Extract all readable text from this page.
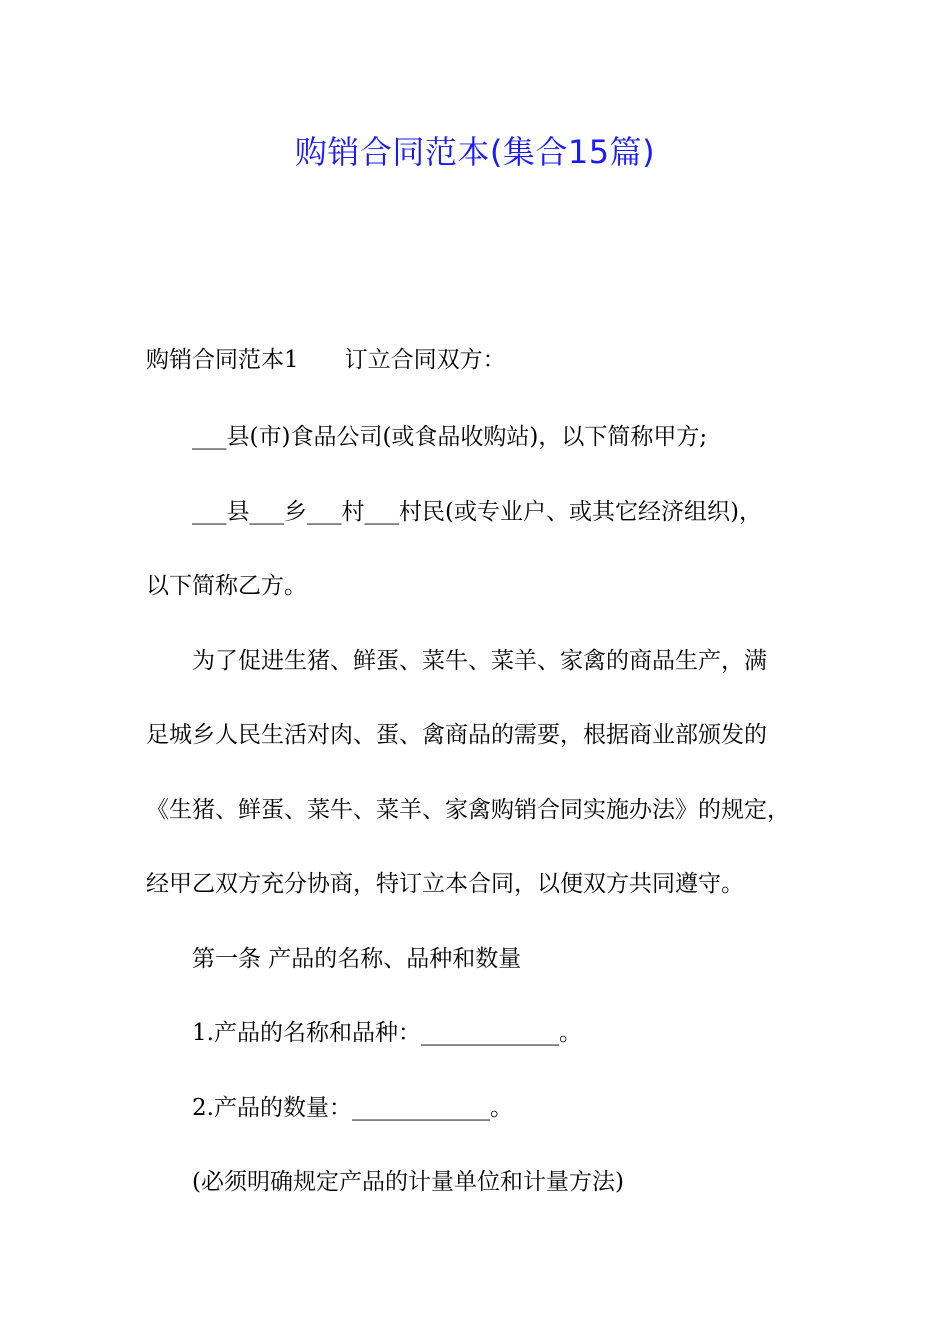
购销合同范本(集合15篇)
购销合同范本1 订立合同双方：
___县(市)食品公司(或食品收购站)，以下简称甲方;
___县___乡___村___村民(或专业户、或其它经济组织)，
以下简称乙方。
为了促进生猪、鲜蛋、菜牛、菜羊、家禽的商品生产，满
足城乡人民生活对肉、蛋、禽商品的需要，根据商业部颁发的
《生猪、鲜蛋、菜牛、菜羊、家禽购销合同实施办法》的规定，
经甲乙双方充分协商，特订立本合同，以便双方共同遵守。
第一条 产品的名称、品种和数量
1.产品的名称和品种：____________。
2.产品的数量：____________。
(必须明确规定产品的计量单位和计量方法)
